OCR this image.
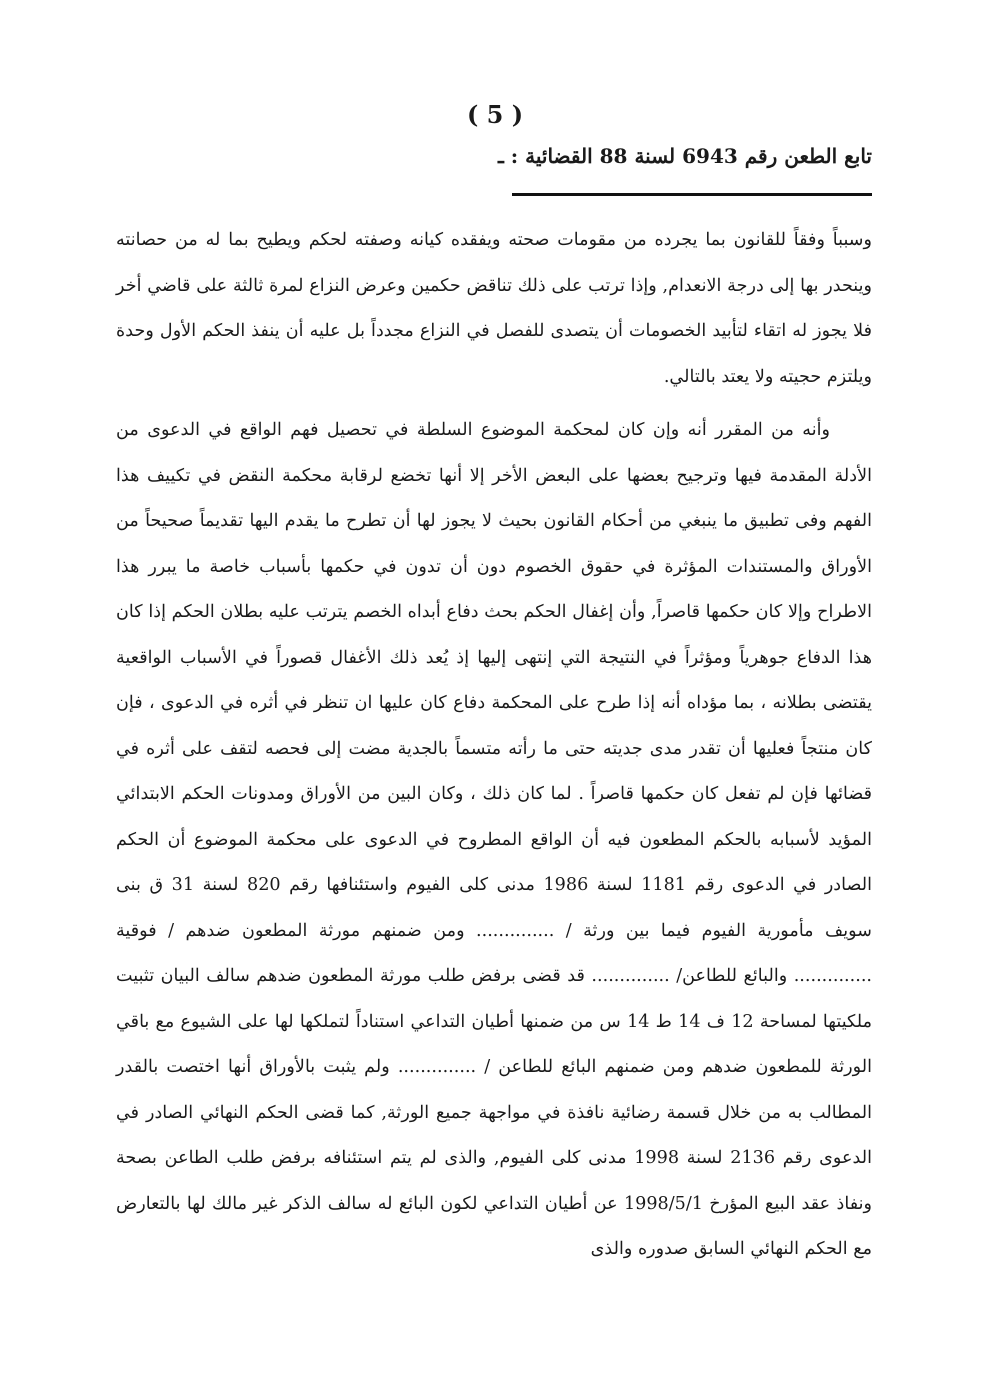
( 5 )
تابع الطعن رقم 6943 لسنة 88 القضائية : ـ

وسبباً وفقاً للقانون بما يجرده من مقومات صحته ويفقده كيانه وصفته لحكم ويطيح بما له من حصانته وينحدر بها إلى درجة الانعدام, وإذا ترتب على ذلك تناقض حكمين وعرض النزاع لمرة ثالثة على قاضي أخر فلا يجوز له اتقاء لتأبيد الخصومات أن يتصدى للفصل في النزاع مجدداً بل عليه أن ينفذ الحكم الأول وحدة ويلتزم حجيته ولا يعتد بالتالي.

وأنه من المقرر أنه وإن كان لمحكمة الموضوع السلطة في تحصيل فهم الواقع في الدعوى من الأدلة المقدمة فيها وترجيح بعضها على البعض الأخر إلا أنها تخضع لرقابة محكمة النقض في تكييف هذا الفهم وفى تطبيق ما ينبغي من أحكام القانون بحيث لا يجوز لها أن تطرح ما يقدم اليها تقديماً صحيحاً من الأوراق والمستندات المؤثرة في حقوق الخصوم دون أن تدون في حكمها بأسباب خاصة ما يبرر هذا الاطراح وإلا كان حكمها قاصراً, وأن إغفال الحكم بحث دفاع أبداه الخصم يترتب عليه بطلان الحكم إذا كان هذا الدفاع جوهرياً ومؤثراً في النتيجة التي إنتهى إليها إذ يُعد ذلك الأغفال قصوراً في الأسباب الواقعية يقتضى بطلانه ، بما مؤداه أنه إذا طرح على المحكمة دفاع كان عليها ان تنظر في أثره في الدعوى ، فإن كان منتجاً فعليها أن تقدر مدى جديته حتى ما رأته متسماً بالجدية مضت إلى فحصه لتقف على أثره في قضائها فإن لم تفعل كان حكمها قاصراً . لما كان ذلك ، وكان البين من الأوراق ومدونات الحكم الابتدائي المؤيد لأسبابه بالحكم المطعون فيه أن الواقع المطروح في الدعوى على محكمة الموضوع أن الحكم الصادر في الدعوى رقم 1181 لسنة 1986 مدنى كلى الفيوم واستئنافها رقم 820 لسنة 31 ق بنى سويف مأمورية الفيوم فيما بين ورثة / .............. ومن ضمنهم مورثة المطعون ضدهم / فوقية .............. والبائع للطاعن/ .............. قد قضى برفض طلب مورثة المطعون ضدهم سالف البيان تثبيت ملكيتها لمساحة 12 ف 14 ط 14 س من ضمنها أطيان التداعي استناداً لتملكها لها على الشيوع مع باقي الورثة للمطعون ضدهم ومن ضمنهم البائع للطاعن / .............. ولم يثبت بالأوراق أنها اختصت بالقدر المطالب به من خلال قسمة رضائية نافذة في مواجهة جميع الورثة, كما قضى الحكم النهائي الصادر في الدعوى رقم 2136 لسنة 1998 مدنى كلى الفيوم, والذى لم يتم استئنافه برفض طلب الطاعن بصحة ونفاذ عقد البيع المؤرخ 1998/5/1 عن أطيان التداعي لكون البائع له سالف الذكر غير مالك لها بالتعارض مع الحكم النهائي السابق صدوره والذى
